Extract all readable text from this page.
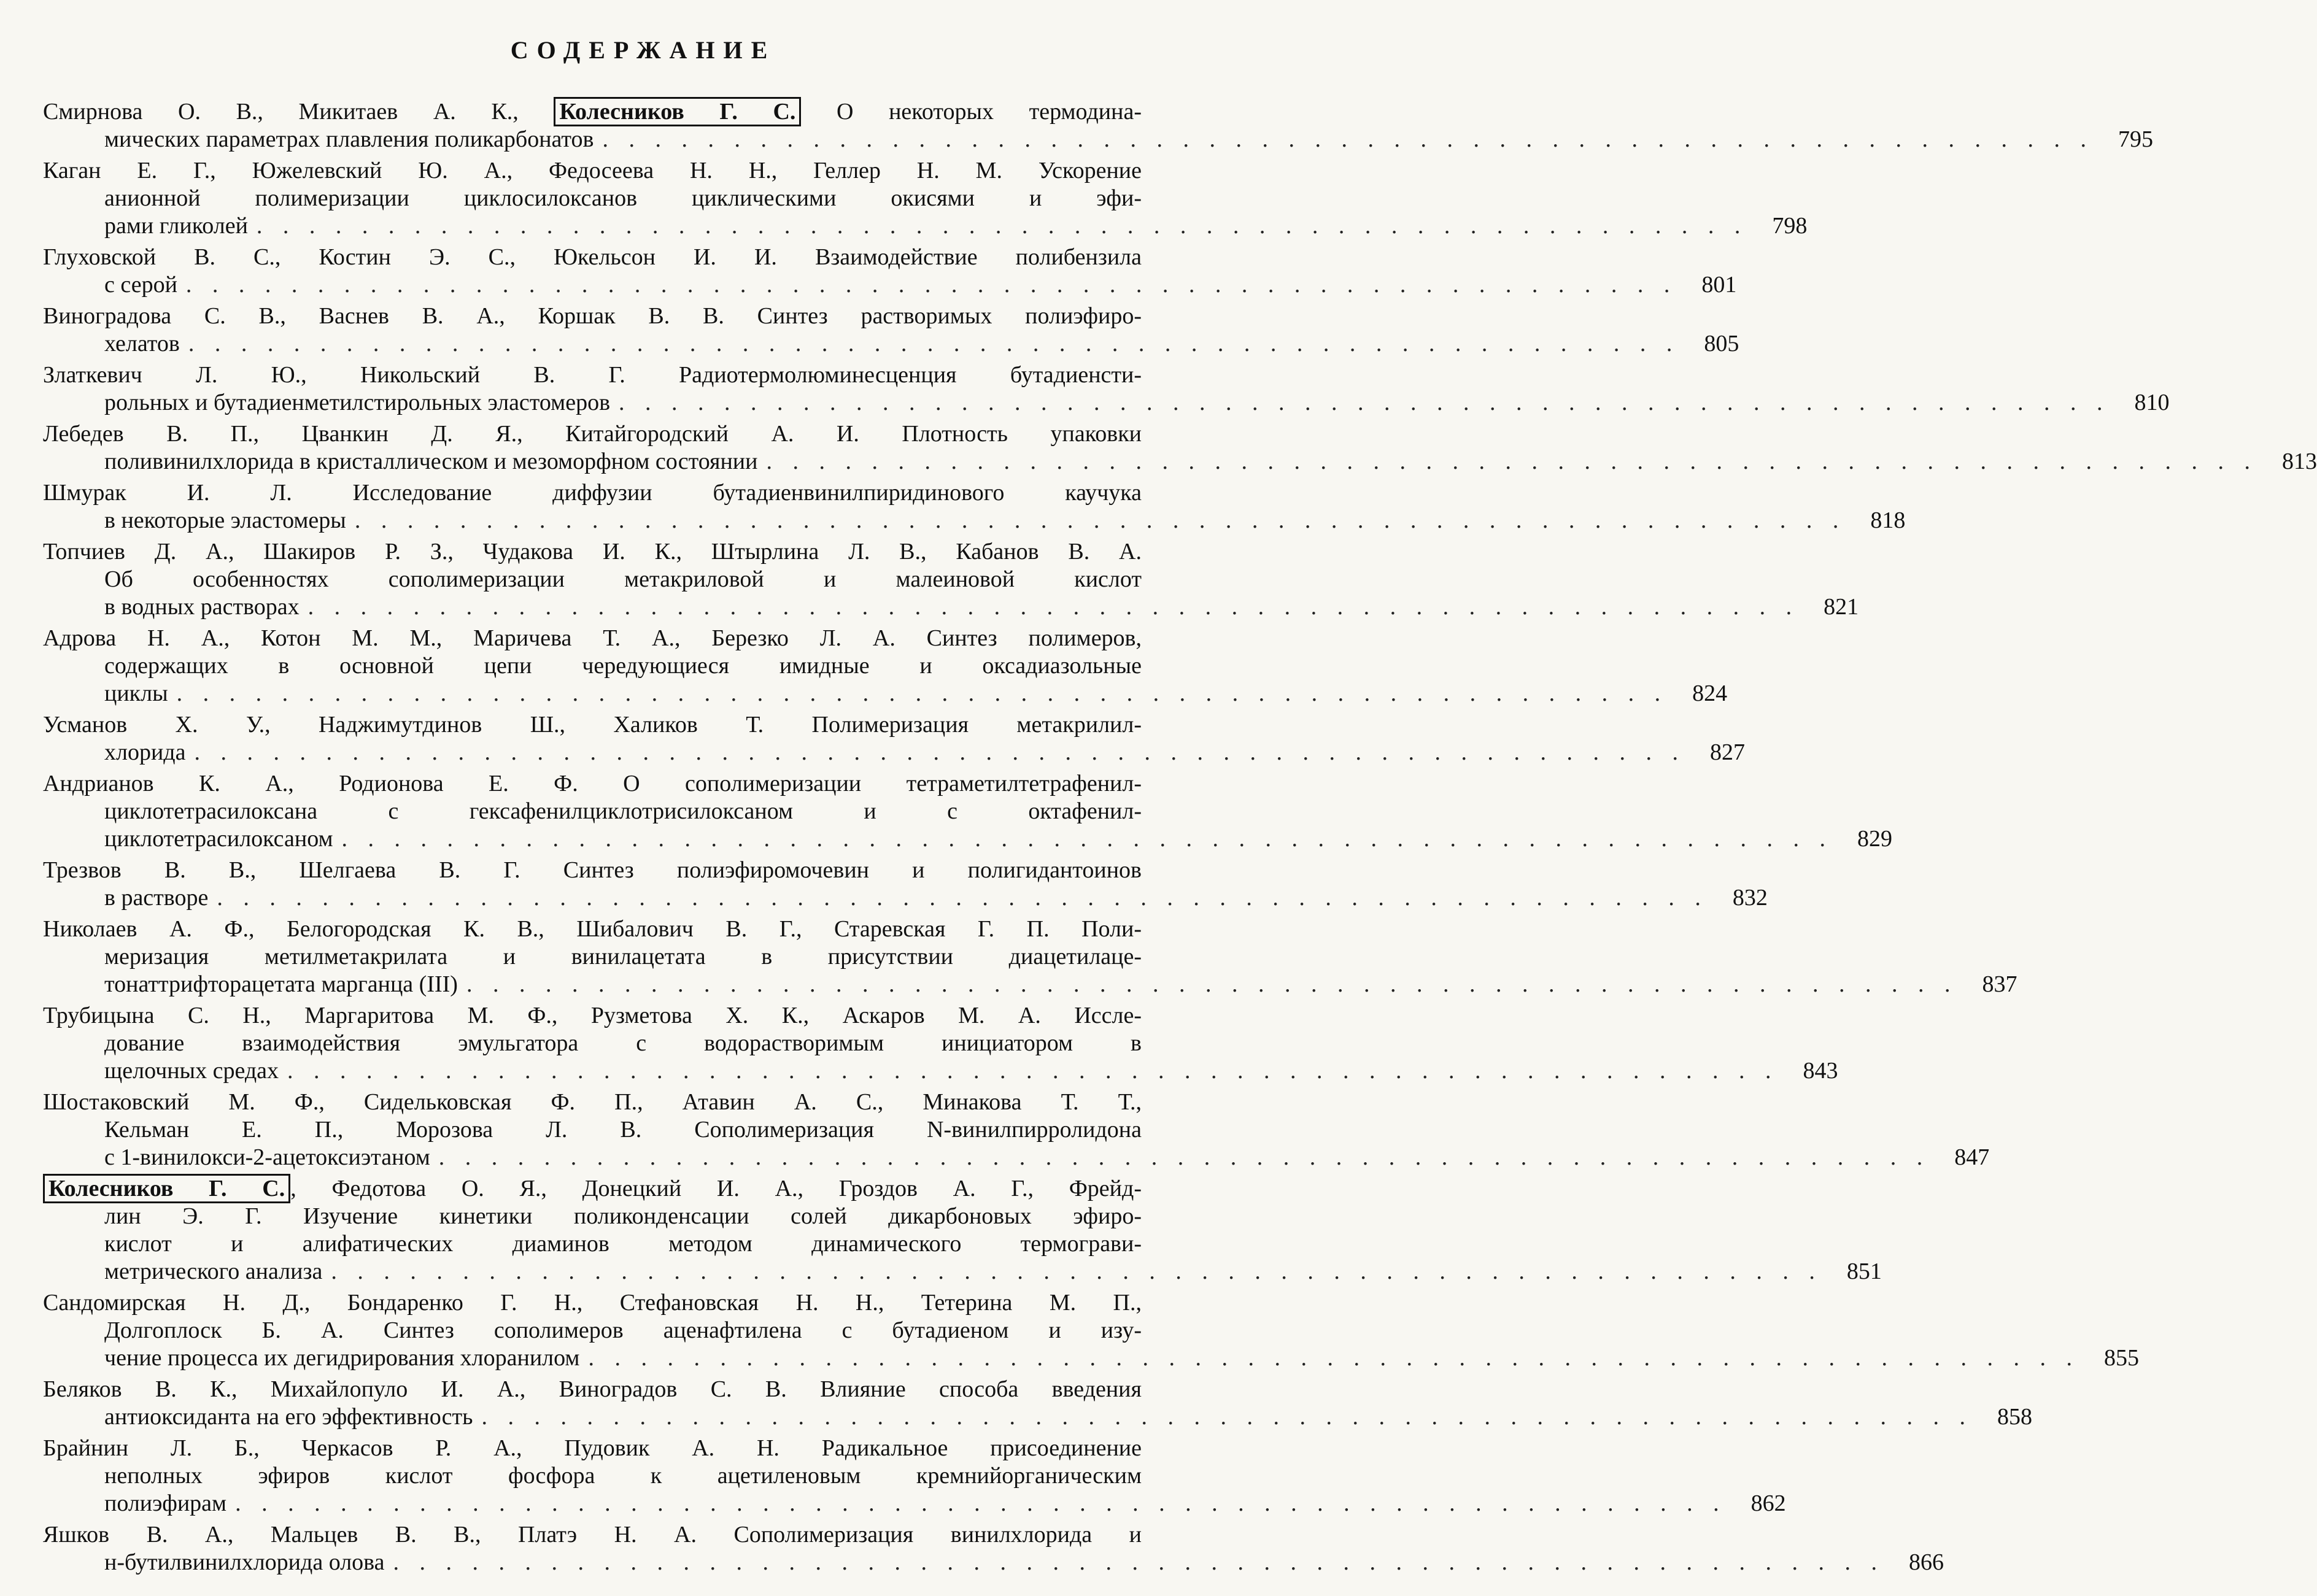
СОДЕРЖАНИЕ
Смирнова О. В., Микитаев А. К., Колесников Г. С. О некоторых термодина-
мических параметрах плавления поликарбонатов . . . . . . . . . . . . . . . . . . . . . . . . . . . . . . . . . . . . . . . . . . . . . . . . . . . . . . . . . 795
Каган Е. Г., Южелевский Ю. А., Федосеева Н. Н., Геллер Н. М. Ускорение
анионной полимеризации циклосилоксанов циклическими окисями и эфи-
рами гликолей . . . . . . . . . . . . . . . . . . . . . . . . . . . . . . . . . . . . . . . . . . . . . . . . . . . . . . . . . 798
Глуховской В. С., Костин Э. С., Юкельсон И. И. Взаимодействие полибензила
с серой . . . . . . . . . . . . . . . . . . . . . . . . . . . . . . . . . . . . . . . . . . . . . . . . . . . . . . . . . 801
Виноградова С. В., Васнев В. А., Коршак В. В. Синтез растворимых полиэфиро-
хелатов . . . . . . . . . . . . . . . . . . . . . . . . . . . . . . . . . . . . . . . . . . . . . . . . . . . . . . . . . 805
Златкевич Л. Ю., Никольский В. Г. Радиотермолюминесценция бутадиенсти-
рольных и бутадиенметилстирольных эластомеров . . . . . . . . . . . . . . . . . . . . . . . . . . . . . . . . . . . . . . . . . . . . . . . . . . . . . . . . . 810
Лебедев В. П., Цванкин Д. Я., Китайгородский А. И. Плотность упаковки
поливинилхлорида в кристаллическом и мезоморфном состоянии . . . . . . . . . . . . . . . . . . . . . . . . . . . . . . . . . . . . . . . . . . . . . . . . . . . . . . . . . 813
Шмурак И. Л. Исследование диффузии бутадиенвинилпиридинового каучука
в некоторые эластомеры . . . . . . . . . . . . . . . . . . . . . . . . . . . . . . . . . . . . . . . . . . . . . . . . . . . . . . . . . 818
Топчиев Д. А., Шакиров Р. З., Чудакова И. К., Штырлина Л. В., Кабанов В. А.
Об особенностях сополимеризации метакриловой и малеиновой кислот
в водных растворах . . . . . . . . . . . . . . . . . . . . . . . . . . . . . . . . . . . . . . . . . . . . . . . . . . . . . . . . . 821
Адрова Н. А., Котон М. М., Маричева Т. А., Березко Л. А. Синтез полимеров,
содержащих в основной цепи чередующиеся имидные и оксадиазольные
циклы . . . . . . . . . . . . . . . . . . . . . . . . . . . . . . . . . . . . . . . . . . . . . . . . . . . . . . . . . 824
Усманов Х. У., Наджимутдинов Ш., Халиков Т. Полимеризация метакрилил-
хлорида . . . . . . . . . . . . . . . . . . . . . . . . . . . . . . . . . . . . . . . . . . . . . . . . . . . . . . . . . 827
Андрианов К. А., Родионова Е. Ф. О сополимеризации тетраметилтетрафенил-
циклотетрасилоксана с гексафенилциклотрисилоксаном и с октафенил-
циклотетрасилоксаном . . . . . . . . . . . . . . . . . . . . . . . . . . . . . . . . . . . . . . . . . . . . . . . . . . . . . . . . . 829
Трезвов В. В., Шелгаева В. Г. Синтез полиэфиромочевин и полигидантоинов
в растворе . . . . . . . . . . . . . . . . . . . . . . . . . . . . . . . . . . . . . . . . . . . . . . . . . . . . . . . . . 832
Николаев А. Ф., Белогородская К. В., Шибалович В. Г., Старевская Г. П. Поли-
меризация метилметакрилата и винилацетата в присутствии диацетилаце-
тонаттрифторацетата марганца (III) . . . . . . . . . . . . . . . . . . . . . . . . . . . . . . . . . . . . . . . . . . . . . . . . . . . . . . . . . 837
Трубицына С. Н., Маргаритова М. Ф., Рузметова Х. К., Аскаров М. А. Иссле-
дование взаимодействия эмульгатора с водорастворимым инициатором в
щелочных средах . . . . . . . . . . . . . . . . . . . . . . . . . . . . . . . . . . . . . . . . . . . . . . . . . . . . . . . . . 843
Шостаковский М. Ф., Сидельковская Ф. П., Атавин А. С., Минакова Т. Т.,
Кельман Е. П., Морозова Л. В. Сополимеризация N-винилпирролидона
с 1-винилокси-2-ацетоксиэтаном . . . . . . . . . . . . . . . . . . . . . . . . . . . . . . . . . . . . . . . . . . . . . . . . . . . . . . . . . 847
Колесников Г. С. , Федотова О. Я., Донецкий И. А., Гроздов А. Г., Фрейд-
лин Э. Г. Изучение кинетики поликонденсации солей дикарбоновых эфиро-
кислот и алифатических диаминов методом динамического термограви-
метрического анализа . . . . . . . . . . . . . . . . . . . . . . . . . . . . . . . . . . . . . . . . . . . . . . . . . . . . . . . . . 851
Сандомирская Н. Д., Бондаренко Г. Н., Стефановская Н. Н., Тетерина М. П.,
Долгоплоск Б. А. Синтез сополимеров аценафтилена с бутадиеном и изу-
чение процесса их дегидрирования хлоранилом . . . . . . . . . . . . . . . . . . . . . . . . . . . . . . . . . . . . . . . . . . . . . . . . . . . . . . . . . 855
Беляков В. К., Михайлопуло И. А., Виноградов С. В. Влияние способа введения
антиоксиданта на его эффективность . . . . . . . . . . . . . . . . . . . . . . . . . . . . . . . . . . . . . . . . . . . . . . . . . . . . . . . . . 858
Брайнин Л. Б., Черкасов Р. А., Пудовик А. Н. Радикальное присоединение
неполных эфиров кислот фосфора к ацетиленовым кремнийорганическим
полиэфирам . . . . . . . . . . . . . . . . . . . . . . . . . . . . . . . . . . . . . . . . . . . . . . . . . . . . . . . . . 862
Яшков В. А., Мальцев В. В., Платэ Н. А. Сополимеризация винилхлорида и
н-бутилвинилхлорида олова . . . . . . . . . . . . . . . . . . . . . . . . . . . . . . . . . . . . . . . . . . . . . . . . . . . . . . . . . 866
